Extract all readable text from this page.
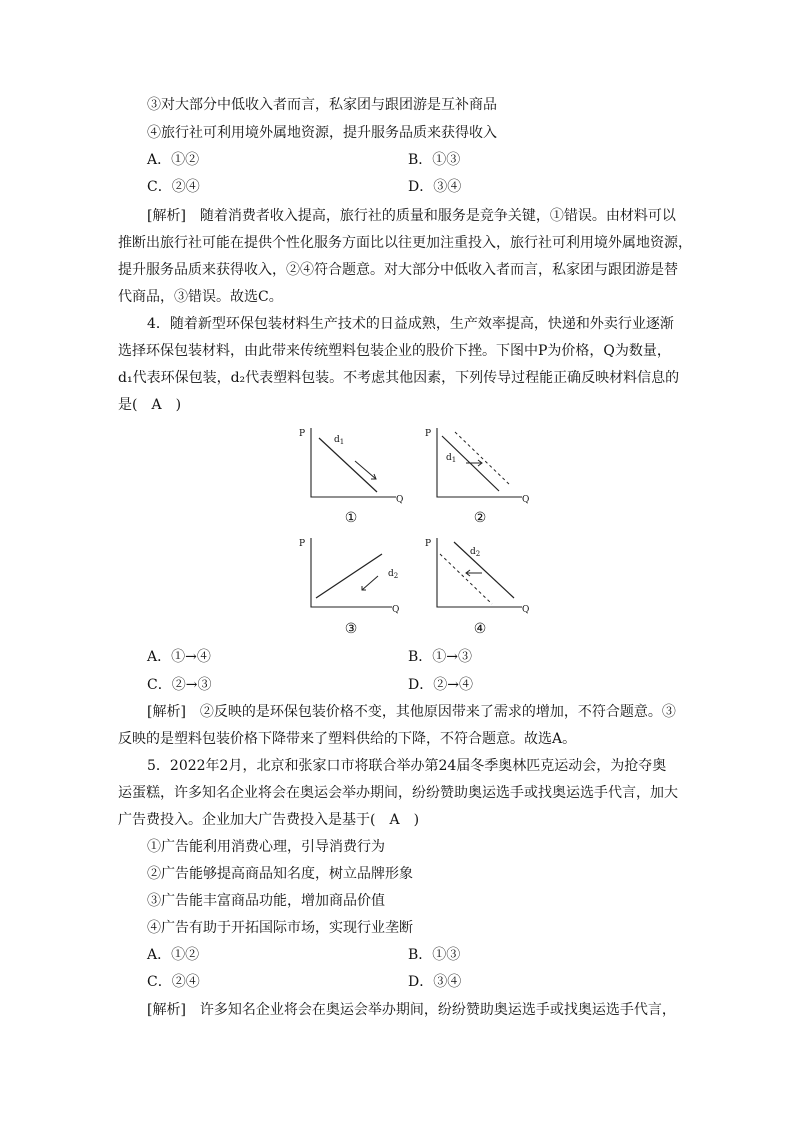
③对大部分中低收入者而言，私家团与跟团游是互补商品
④旅行社可利用境外属地资源，提升服务品质来获得收入
A．①②	B．①③
C．②④	D．③④
[解析]　随着消费者收入提高，旅行社的质量和服务是竞争关键，①错误。由材料可以
推断出旅行社可能在提供个性化服务方面比以往更加注重投入，旅行社可利用境外属地资源，
提升服务品质来获得收入，②④符合题意。对大部分中低收入者而言，私家团与跟团游是替
代商品，③错误。故选C。
4．随着新型环保包装材料生产技术的日益成熟，生产效率提高，快递和外卖行业逐渐
选择环保包装材料，由此带来传统塑料包装企业的股价下挫。下图中P为价格，Q为数量，
d₁代表环保包装，d₂代表塑料包装。不考虑其他因素，下列传导过程能正确反映材料信息的
是(　A　)
P
Q
$d_1$
①
P
Q
$d_1$
②
P
Q
$d_2$
③
P
Q
$d_2$
④
A．①→④	B．①→③
C．②→③	D．②→④
[解析]　②反映的是环保包装价格不变，其他原因带来了需求的增加，不符合题意。③
反映的是塑料包装价格下降带来了塑料供给的下降，不符合题意。故选A。
5．2022年2月，北京和张家口市将联合举办第24届冬季奥林匹克运动会，为抢夺奥
运蛋糕，许多知名企业将会在奥运会举办期间，纷纷赞助奥运选手或找奥运选手代言，加大
广告费投入。企业加大广告费投入是基于(　A　)
①广告能利用消费心理，引导消费行为
②广告能够提高商品知名度，树立品牌形象
③广告能丰富商品功能，增加商品价值
④广告有助于开拓国际市场，实现行业垄断
A．①②	B．①③
C．②④	D．③④
[解析]　许多知名企业将会在奥运会举办期间，纷纷赞助奥运选手或找奥运选手代言，
